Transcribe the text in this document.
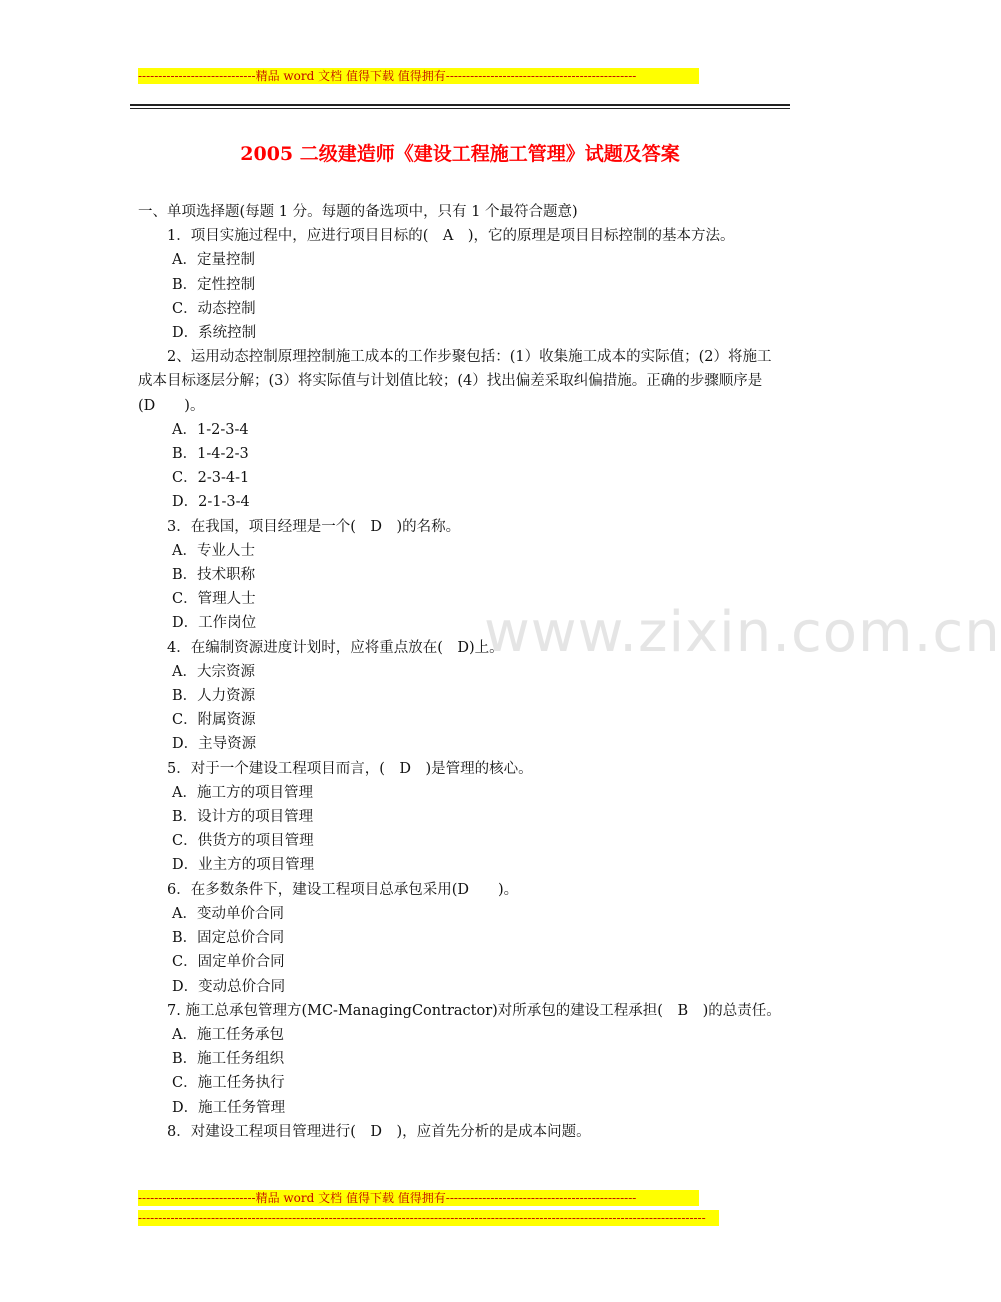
-----------------------------精品 word 文档 值得下载 值得拥有-----------------------------------------------
2005 二级建造师《建设工程施工管理》试题及答案

一、单项选择题(每题 1 分。每题的备选项中，只有 1 个最符合题意)

1．项目实施过程中，应进行项目目标的(　A　)，它的原理是项目目标控制的基本方法。

A．定量控制

B．定性控制

C．动态控制

D．系统控制

2、运用动态控制原理控制施工成本的工作步聚包括：(1）收集施工成本的实际值；(2）将施工成本目标逐层分解；(3）将实际值与计划值比较；(4）找出偏差采取纠偏措施。正确的步骤顺序是(D　　)。

A．1-2-3-4

B．1-4-2-3

C．2-3-4-1

D．2-1-3-4

3．在我国，项目经理是一个(　D　)的名称。

A．专业人士

B．技术职称

C．管理人士

D．工作岗位

4．在编制资源进度计划时，应将重点放在(　D)上。

A．大宗资源

B．人力资源

C．附属资源

D．主导资源

5．对于一个建设工程项目而言，(　D　)是管理的核心。

A．施工方的项目管理

B．设计方的项目管理

C．供货方的项目管理

D．业主方的项目管理

6．在多数条件下，建设工程项目总承包采用(D　　)。

A．变动单价合同

B．固定总价合同

C．固定单价合同

D．变动总价合同

7. 施工总承包管理方(MC-ManagingContractor)对所承包的建设工程承担(　B　)的总责任。

A．施工任务承包

B．施工任务组织

C．施工任务执行

D．施工任务管理

8．对建设工程项目管理进行(　D　)，应首先分析的是成本问题。

www.zixin.com.cn
-----------------------------精品 word 文档 值得下载 值得拥有-----------------------------------------------
--------------------------------------------------------------------------------------------------------------------------------------------
